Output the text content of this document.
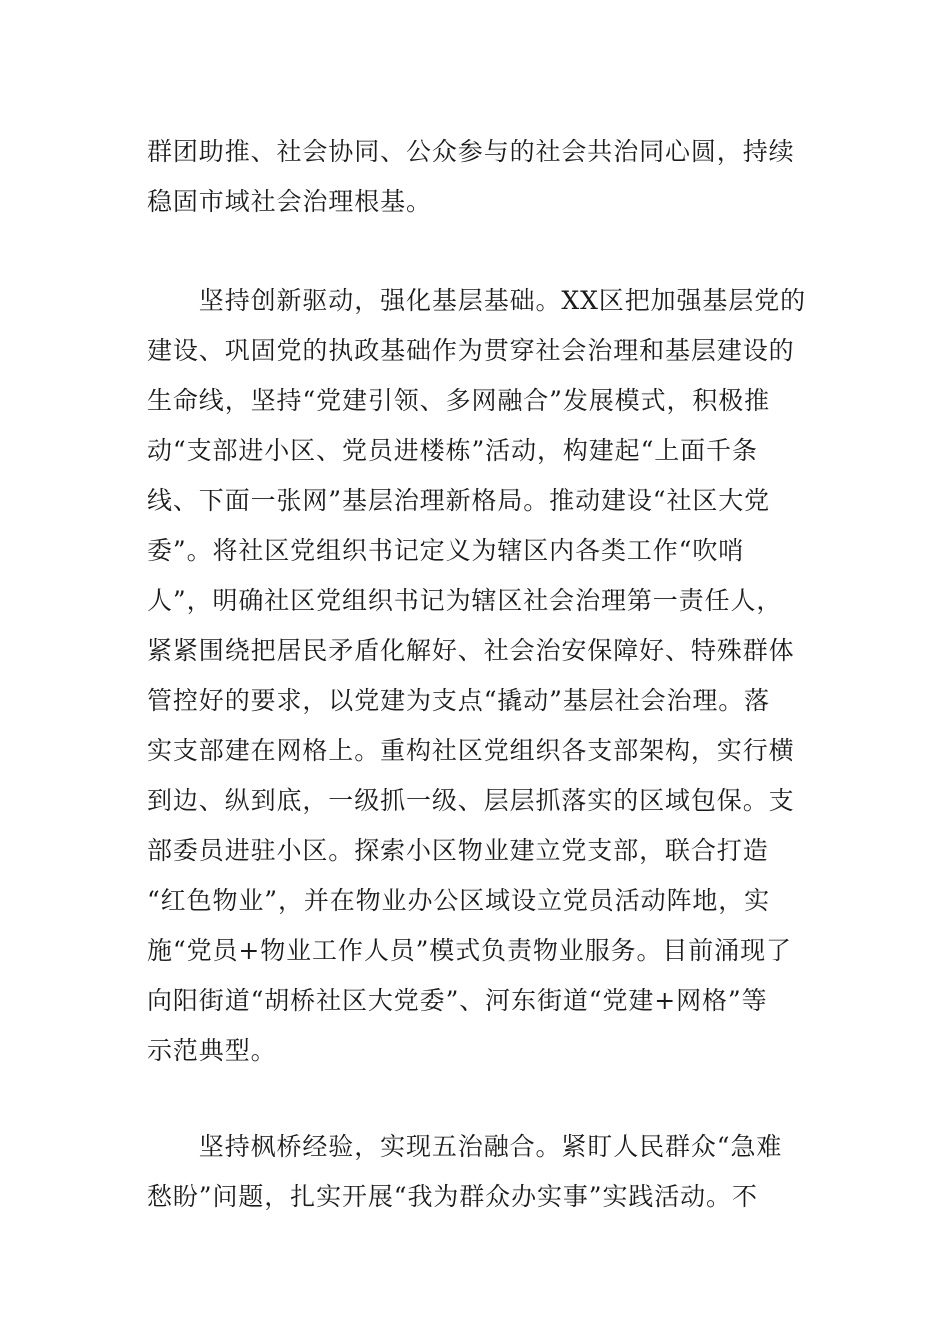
群团助推、社会协同、公众参与的社会共治同心圆，持续
稳固市域社会治理根基。
　　坚持创新驱动，强化基层基础。XX区把加强基层党的
建设、巩固党的执政基础作为贯穿社会治理和基层建设的
生命线，坚持“党建引领、多网融合”发展模式，积极推
动“支部进小区、党员进楼栋”活动，构建起“上面千条
线、下面一张网”基层治理新格局。推动建设“社区大党
委”。将社区党组织书记定义为辖区内各类工作“吹哨
人”，明确社区党组织书记为辖区社会治理第一责任人，
紧紧围绕把居民矛盾化解好、社会治安保障好、特殊群体
管控好的要求，以党建为支点“撬动”基层社会治理。落
实支部建在网格上。重构社区党组织各支部架构，实行横
到边、纵到底，一级抓一级、层层抓落实的区域包保。支
部委员进驻小区。探索小区物业建立党支部，联合打造
“红色物业”，并在物业办公区域设立党员活动阵地，实
施“党员+物业工作人员”模式负责物业服务。目前涌现了
向阳街道“胡桥社区大党委”、河东街道“党建+网格”等
示范典型。
　　坚持枫桥经验，实现五治融合。紧盯人民群众“急难
愁盼”问题，扎实开展“我为群众办实事”实践活动。不
